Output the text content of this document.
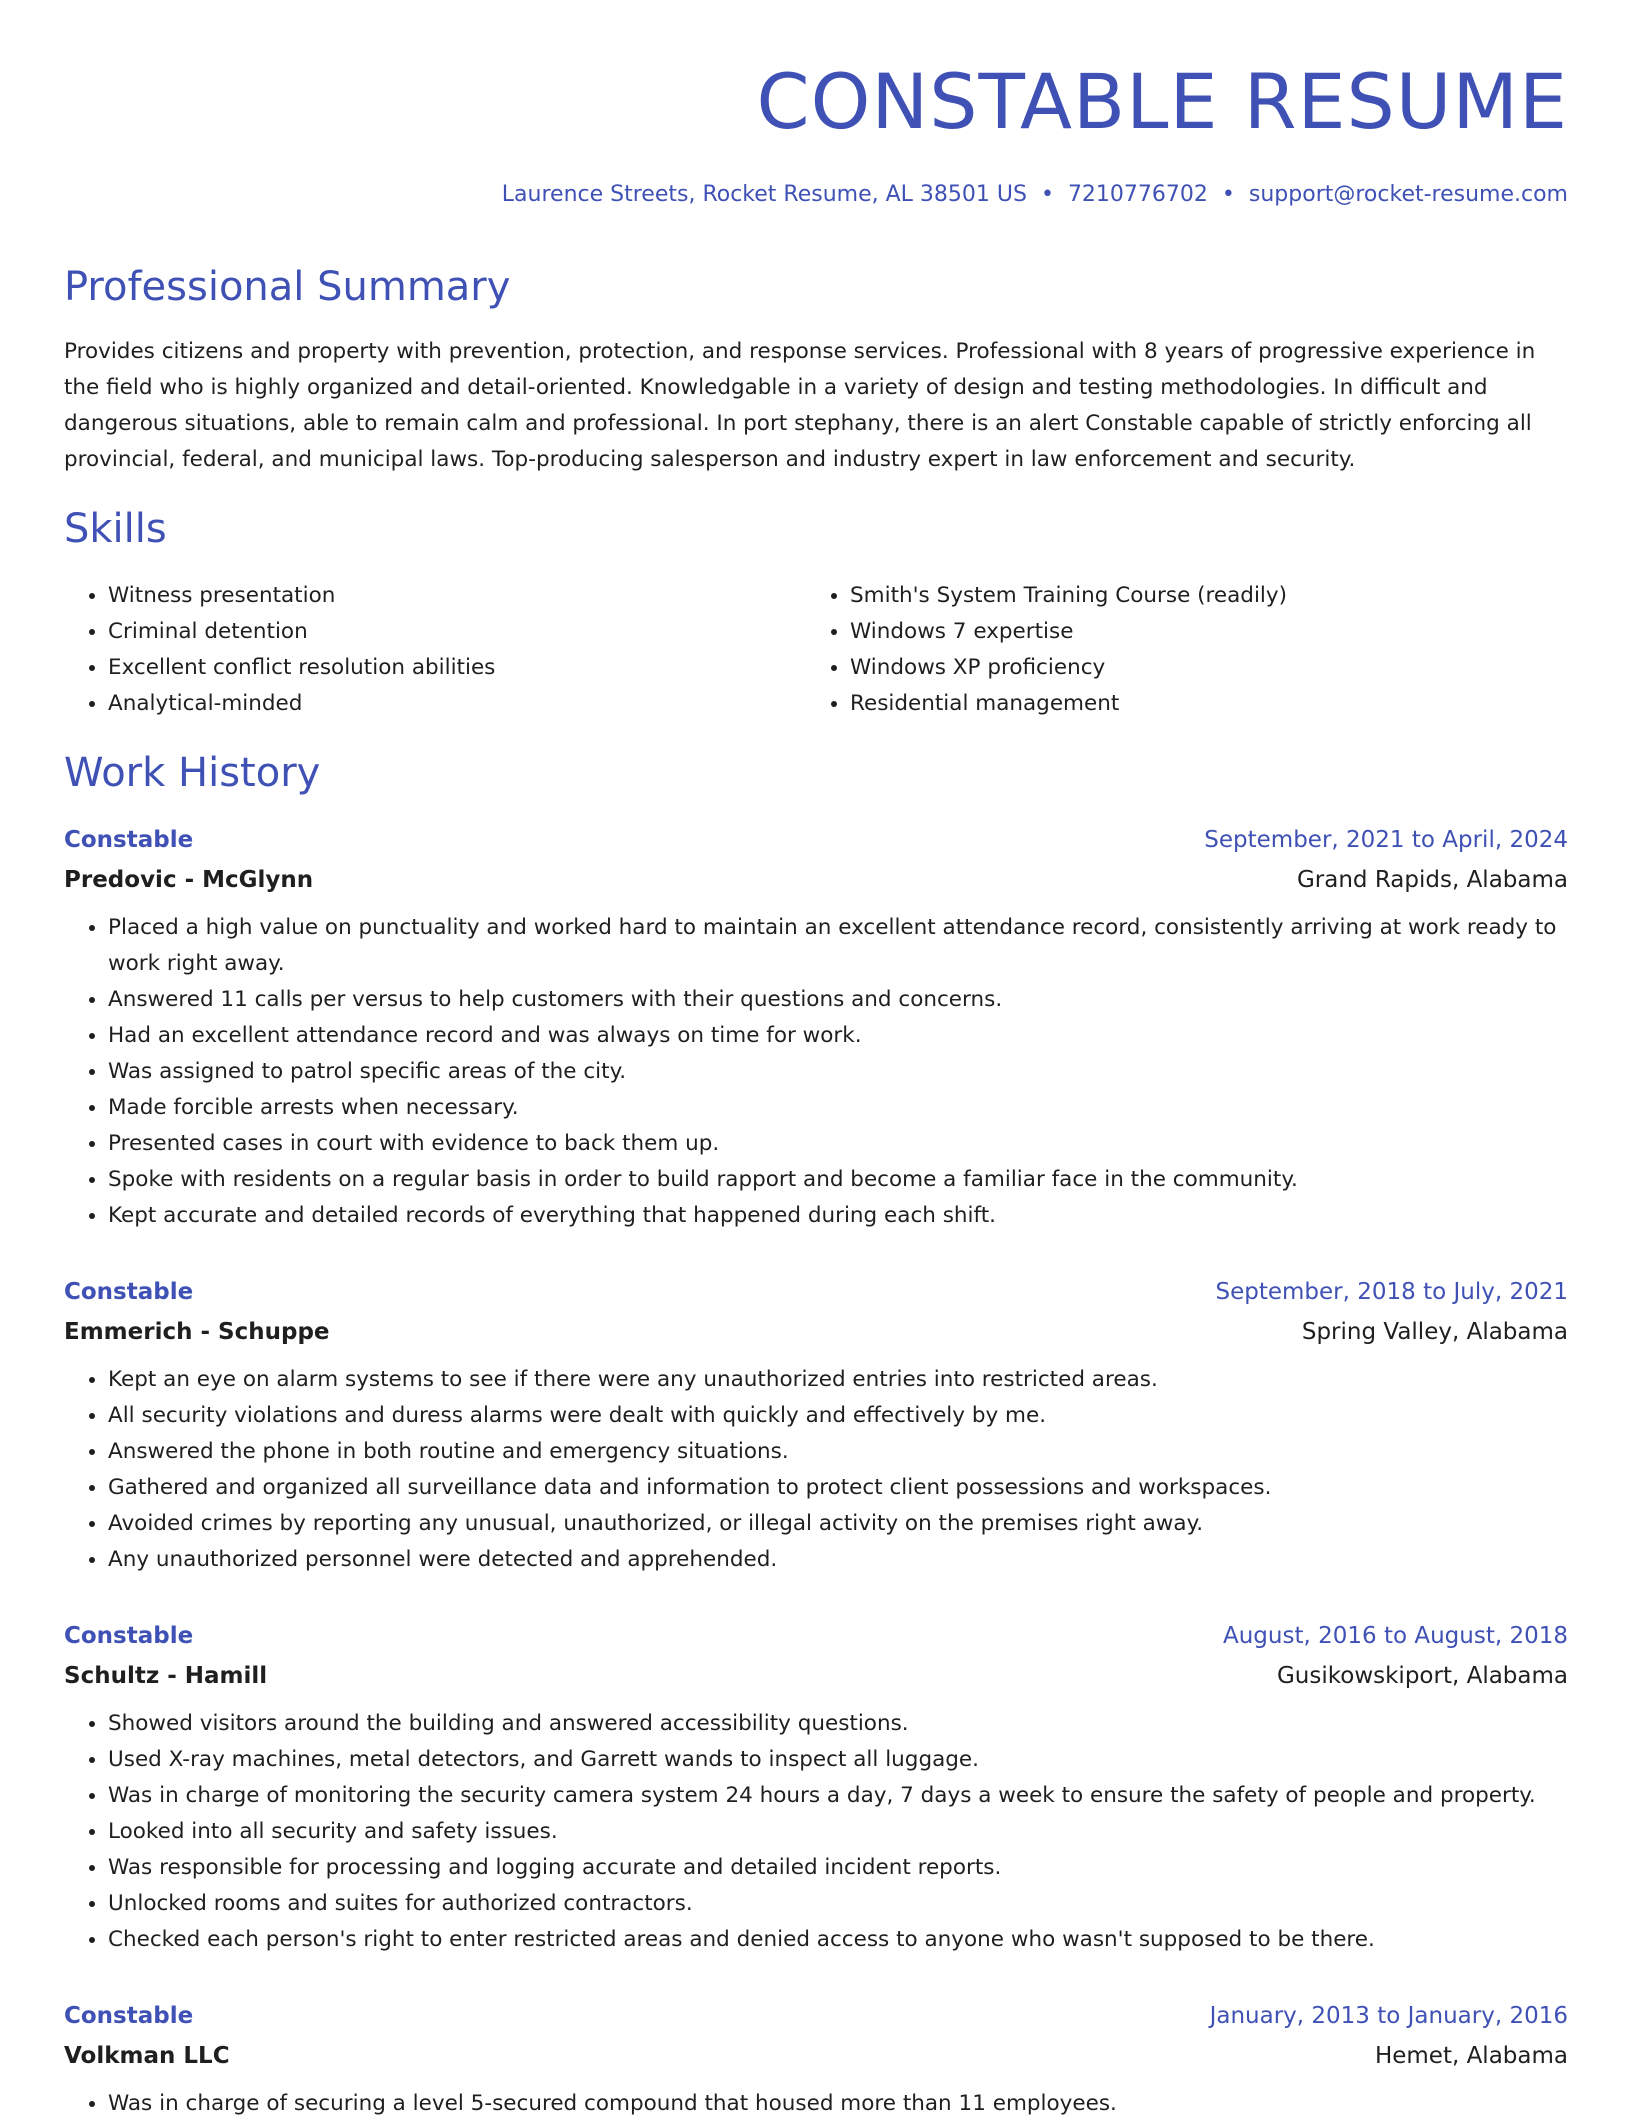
CONSTABLE RESUME
Laurence Streets, Rocket Resume, AL 38501 US • 7210776702 • support@rocket-resume.com
Professional Summary
Provides citizens and property with prevention, protection, and response services. Professional with 8 years of progressive experience in the field who is highly organized and detail-oriented. Knowledgable in a variety of design and testing methodologies. In difficult and dangerous situations, able to remain calm and professional. In port stephany, there is an alert Constable capable of strictly enforcing all provincial, federal, and municipal laws. Top-producing salesperson and industry expert in law enforcement and security.
Skills
• Witness presentation
• Criminal detention
• Excellent conflict resolution abilities
• Analytical-minded
• Smith's System Training Course (readily)
• Windows 7 expertise
• Windows XP proficiency
• Residential management
Work History
Constable	September, 2021 to April, 2024
Predovic - McGlynn	Grand Rapids, Alabama
• Placed a high value on punctuality and worked hard to maintain an excellent attendance record, consistently arriving at work ready to work right away.
• Answered 11 calls per versus to help customers with their questions and concerns.
• Had an excellent attendance record and was always on time for work.
• Was assigned to patrol specific areas of the city.
• Made forcible arrests when necessary.
• Presented cases in court with evidence to back them up.
• Spoke with residents on a regular basis in order to build rapport and become a familiar face in the community.
• Kept accurate and detailed records of everything that happened during each shift.
Constable	September, 2018 to July, 2021
Emmerich - Schuppe	Spring Valley, Alabama
• Kept an eye on alarm systems to see if there were any unauthorized entries into restricted areas.
• All security violations and duress alarms were dealt with quickly and effectively by me.
• Answered the phone in both routine and emergency situations.
• Gathered and organized all surveillance data and information to protect client possessions and workspaces.
• Avoided crimes by reporting any unusual, unauthorized, or illegal activity on the premises right away.
• Any unauthorized personnel were detected and apprehended.
Constable	August, 2016 to August, 2018
Schultz - Hamill	Gusikowskiport, Alabama
• Showed visitors around the building and answered accessibility questions.
• Used X-ray machines, metal detectors, and Garrett wands to inspect all luggage.
• Was in charge of monitoring the security camera system 24 hours a day, 7 days a week to ensure the safety of people and property.
• Looked into all security and safety issues.
• Was responsible for processing and logging accurate and detailed incident reports.
• Unlocked rooms and suites for authorized contractors.
• Checked each person's right to enter restricted areas and denied access to anyone who wasn't supposed to be there.
Constable	January, 2013 to January, 2016
Volkman LLC	Hemet, Alabama
• Was in charge of securing a level 5-secured compound that housed more than 11 employees.
